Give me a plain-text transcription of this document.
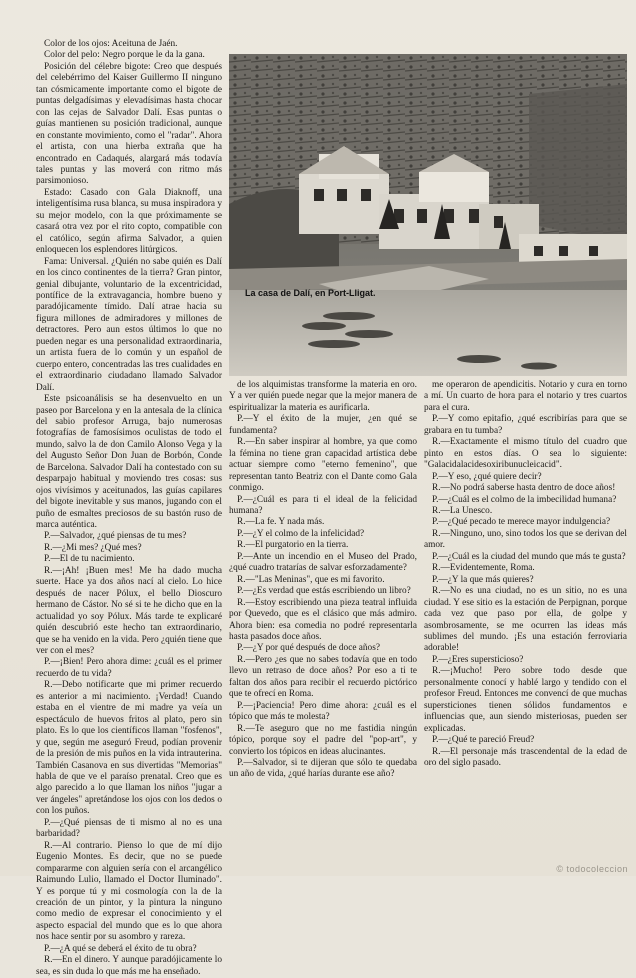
Color de los ojos: Aceituna de Jaén.

Color del pelo: Negro porque le da la gana.

Posición del célebre bigote: Creo que después del celebérrimo del Kaiser Guillermo II ninguno tan cósmicamente importante como el bigote de puntas delgadísimas y elevadísimas hasta chocar con las cejas de Salvador Dalí. Esas puntas o guías mantienen su posición tradicional, aunque en constante movimiento, como el "radar". Ahora el artista, con una hierba extraña que ha encontrado en Cadaqués, alargará más todavía tales puntas y las moverá con ritmo más parsimonioso.

Estado: Casado con Gala Diaknoff, una inteligentísima rusa blanca, su musa inspiradora y su mejor modelo, con la que próximamente se casará otra vez por el rito copto, compatible con el católico, según afirma Salvador, a quien enloquecen los esplendores litúrgicos.

Fama: Universal. ¿Quién no sabe quién es Dalí en los cinco continentes de la tierra? Gran pintor, genial dibujante, voluntario de la excentricidad, pontífice de la extravagancia, hombre bueno y paradójicamente tímido. Dalí atrae hacia su figura millones de admiradores y millones de detractores. Pero aun estos últimos lo que no pueden negar es una personalidad extraordinaria, un artista fuera de lo común y un español de cuerpo entero, concentradas las tres cualidades en el extraordinario ciudadano llamado Salvador Dalí.

Este psicoanálisis se ha desenvuelto en un paseo por Barcelona y en la antesala de la clínica del sabio profesor Arruga, bajo numerosas fotografías de famosísimos oculistas de todo el mundo, salvo la de don Camilo Alonso Vega y la del Augusto Señor Don Juan de Borbón, Conde de Barcelona. Salvador Dalí ha contestado con su desparpajo habitual y moviendo tres cosas: sus ojos vivísimos y aceitunados, las guías capilares del bigote inevitable y sus manos, jugando con el puño de esmaltes preciosos de su bastón ruso de marca auténtica.

P.—Salvador, ¿qué piensas de tu mes?

R.—¿Mi mes? ¿Qué mes?

P.—El de tu nacimiento.

R.—¡Ah! ¡Buen mes! Me ha dado mucha suerte. Hace ya dos años nací al cielo. Lo hice después de nacer Pólux, el bello Dioscuro hermano de Cástor. No sé si te he dicho que en la actualidad yo soy Pólux. Más tarde te explicaré quién descubrió este hecho tan extraordinario, que se ha venido en la vida. Pero ¿quién tiene que ver con el mes?

P.—¡Bien! Pero ahora dime: ¿cuál es el primer recuerdo de tu vida?

R.—Debo notificarte que mi primer recuerdo es anterior a mi nacimiento. ¡Verdad! Cuando estaba en el vientre de mi madre ya veía un espectáculo de huevos fritos al plato, pero sin plato. Es lo que los científicos llaman "fosfenos", y que, según me aseguró Freud, podían provenir de la presión de mis puños en la vida intrauterina. También Casanova en sus divertidas "Memorias" habla de que ve el paraíso prenatal. Creo que es algo parecido a lo que llaman los niños "jugar a ver ángeles" apretándose los ojos con los dedos o con los puños.

P.—¿Qué piensas de ti mismo al no es una barbaridad?

R.—Al contrario. Pienso lo que de mí dijo Eugenio Montes. Es decir, que no se puede compararme con alguien sería con el arcangélico Raimundo Lulio, llamado el Doctor Iluminado". Y es porque tú y mi cosmología con la de la creación de un pintor, y la pintura la ninguno como medio de expresar el conocimiento y el aspecto espacial del mundo que es lo que ahora nos hace sentir por su asombro y rareza.

P.—¿A qué se deberá el éxito de tu obra?

R.—En el dinero. Y aunque paradójicamente lo sea, es sin duda lo que más me ha enseñado.

La casa de Dalí, en Port-Lligat.

de los alquimistas transforme la materia en oro. Y a ver quién puede negar que la mejor manera de espiritualizar la materia es aurificarla.

P.—Y el éxito de la mujer, ¿en qué se fundamenta?

R.—En saber inspirar al hombre, ya que como la fémina no tiene gran capacidad artística debe actuar siempre como "eterno femenino", que representan tanto Beatriz con el Dante como Gala conmigo.

P.—¿Cuál es para ti el ideal de la felicidad humana?

R.—La fe. Y nada más.

P.—¿Y el colmo de la infelicidad?

R.—El purgatorio en la tierra.

P.—Ante un incendio en el Museo del Prado, ¿qué cuadro tratarías de salvar esforzadamente?

R.—"Las Meninas", que es mi favorito.

P.—¿Es verdad que estás escribiendo un libro?

R.—Estoy escribiendo una pieza teatral influida por Quevedo, que es el clásico que más admiro. Ahora bien: esa comedia no podré representarla hasta pasados doce años.

P.—¿Y por qué después de doce años?

R.—Pero ¿es que no sabes todavía que en todo llevo un retraso de doce años? Por eso a ti te faltan dos años para recibir el recuerdo pictórico que te ofrecí en Roma.

P.—¡Paciencia! Pero dime ahora: ¿cuál es el tópico que más te molesta?

R.—Te aseguro que no me fastidia ningún tópico, porque soy el padre del "pop-art", y convierto los tópicos en ideas alucinantes.

P.—Salvador, si te dijeran que sólo te quedaba un año de vida, ¿qué harías durante ese año?

me operaron de apendicitis. Notario y cura en torno a mí. Un cuarto de hora para el notario y tres cuartos para el cura.

P.—Y como epitafio, ¿qué escribirías para que se grabara en tu tumba?

R.—Exactamente el mismo título del cuadro que pinto en estos días. O sea lo siguiente: "Galacidalacidesoxiribunucleicacid".

P.—Y eso, ¿qué quiere decir?

R.—No podrá saberse hasta dentro de doce años!

P.—¿Cuál es el colmo de la imbecilidad humana?

R.—La Unesco.

P.—¿Qué pecado te merece mayor indulgencia?

R.—Ninguno, uno, sino todos los que se derivan del amor.

P.—¿Cuál es la ciudad del mundo que más te gusta?

R.—Evidentemente, Roma.

P.—¿Y la que más quieres?

R.—No es una ciudad, no es un sitio, no es una ciudad. Y ese sitio es la estación de Perpignan, porque cada vez que paso por ella, de golpe y asombrosamente, se me ocurren las ideas más sublimes del mundo. ¡Es una estación ferroviaria adorable!

P.—¿Eres supersticioso?

R.—¡Mucho! Pero sobre todo desde que personalmente conocí y hablé largo y tendido con el profesor Freud. Entonces me convencí de que muchas supersticiones tienen sólidos fundamentos e influencias que, aun siendo misteriosas, pueden ser explicadas.

P.—¿Qué te pareció Freud?

R.—El personaje más trascendental de la edad de oro del siglo pasado.

© todocoleccion
